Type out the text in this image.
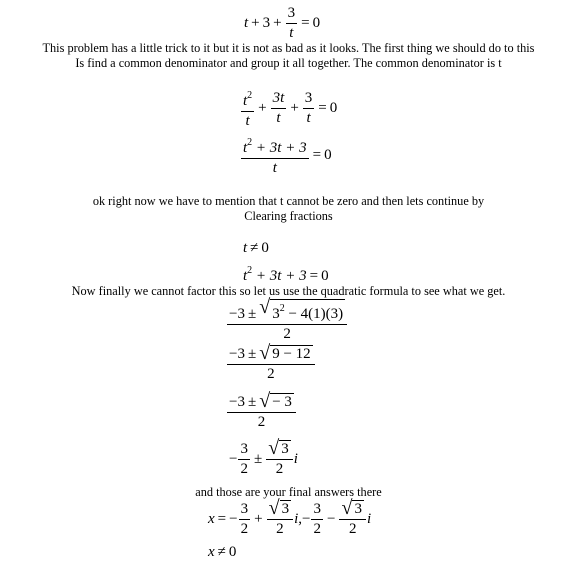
$t + 3 + \frac{3}{t} = 0$
This problem has a little trick to it but it is not as bad as it looks. The first thing we should do to this
Is find a common denominator and group it all together. The common denominator is t
$\frac{t^2}{t} + \frac{3t}{t} + \frac{3}{t} = 0$
$\frac{t^2 + 3t + 3}{t} = 0$
ok right now we have to mention that t cannot be zero and then lets continue by
Clearing fractions
t ≠ 0
$t^2 + 3t + 3 = 0$
Now finally we cannot factor this so let us use the quadratic formula to see what we get.
$\frac{-3 \pm √ 3^2 - 4(1)(3)}{2}$
$\frac{-3 \pm √ 9 - 12}{2}$
$\frac{-3 \pm √ - 3}{2}$
− $\frac{3}{2} \pm \frac{√ 3}{2}$ i
and those are your final answers there
x = − $\frac{3}{2} + \frac{√ 3}{2} i,- \frac{3}{2} - \frac{√ 3}{2}$ i
x ≠ 0
